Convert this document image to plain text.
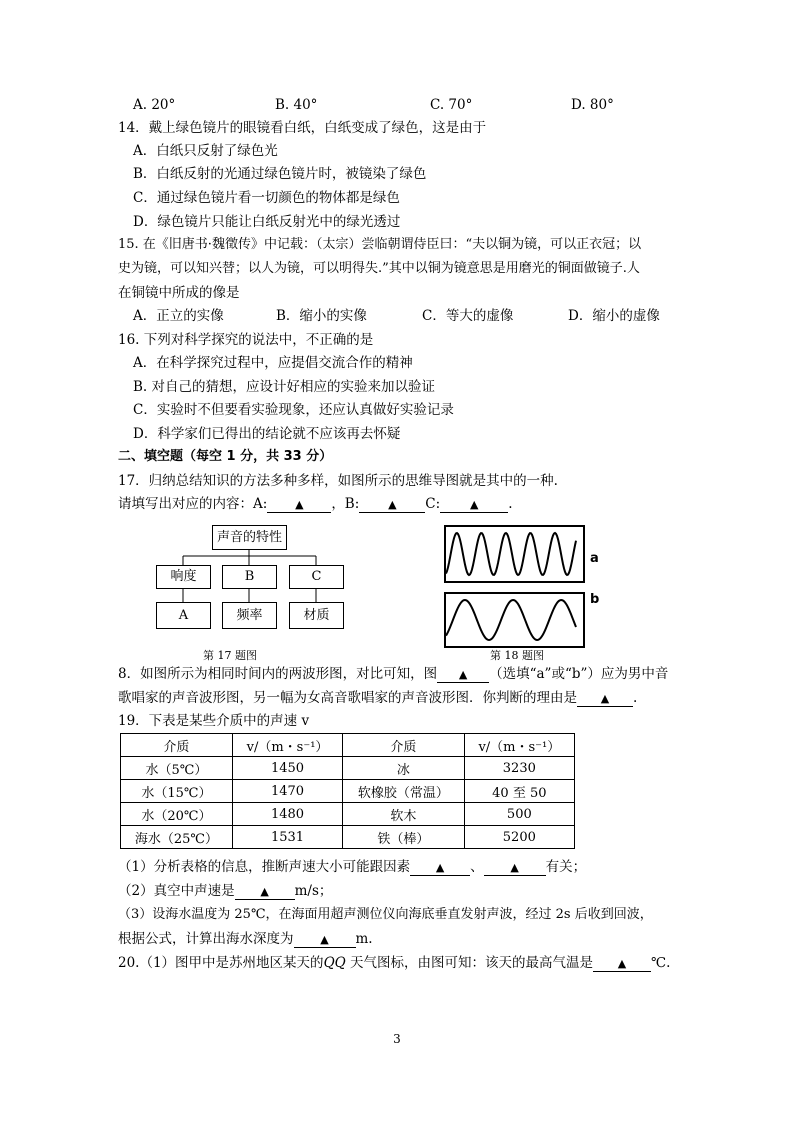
A. 20°	B. 40°	C. 70°	D. 80°
14．戴上绿色镜片的眼镜看白纸，白纸变成了绿色，这是由于
A．白纸只反射了绿色光
B．白纸反射的光通过绿色镜片时，被镜染了绿色
C．通过绿色镜片看一切颜色的物体都是绿色
D．绿色镜片只能让白纸反射光中的绿光透过
15. 在《旧唐书·魏徵传》中记载：（太宗）尝临朝谓侍臣曰：“夫以铜为镜，可以正衣冠；以
史为镜，可以知兴替；以人为镜，可以明得失.”其中以铜为镜意思是用磨光的铜面做镜子.人
在铜镜中所成的像是
A．正立的实像	B．缩小的实像	C．等大的虚像	D．缩小的虚像
16. 下列对科学探究的说法中，不正确的是
A．在科学探究过程中，应提倡交流合作的精神
B. 对自己的猜想，应设计好相应的实验来加以验证
C．实验时不但要看实验现象，还应认真做好实验记录
D．科学家们已得出的结论就不应该再去怀疑
二、填空题（每空 1 分，共 33 分）
17．归纳总结知识的方法多种多样，如图所示的思维导图就是其中的一种.
请填写出对应的内容：A:	▲ ，B:	▲ C:	▲ .
声音的特性
响度	B	C
A	频率	材质
第 17 题图
a
b
第 18 题图
8．如图所示为相同时间内的两波形图，对比可知，图 ▲ （选填“a”或“b”）应为男中音
歌唱家的声音波形图，另一幅为女高音歌唱家的声音波形图．你判断的理由是 ▲ .
19．下表是某些介质中的声速 v
介质	v/（m・s⁻¹）	介质	v/（m・s⁻¹）
水（5℃）	1450	冰	3230
水（15℃）	1470	软橡胶（常温）	40 至 50
水（20℃）	1480	软木	500
海水（25℃）	1531	铁（棒）	5200
（1）分析表格的信息，推断声速大小可能跟因素 ▲ 、 ▲ 有关；
（2）真空中声速是 ▲ m/s；
（3）设海水温度为 25℃，在海面用超声测位仪向海底垂直发射声波，经过 2s 后收到回波，
根据公式，计算出海水深度为 ▲ m.
20.（1）图甲中是苏州地区某天的QQ 天气图标，由图可知：该天的最高气温是 ▲ ℃.
3
